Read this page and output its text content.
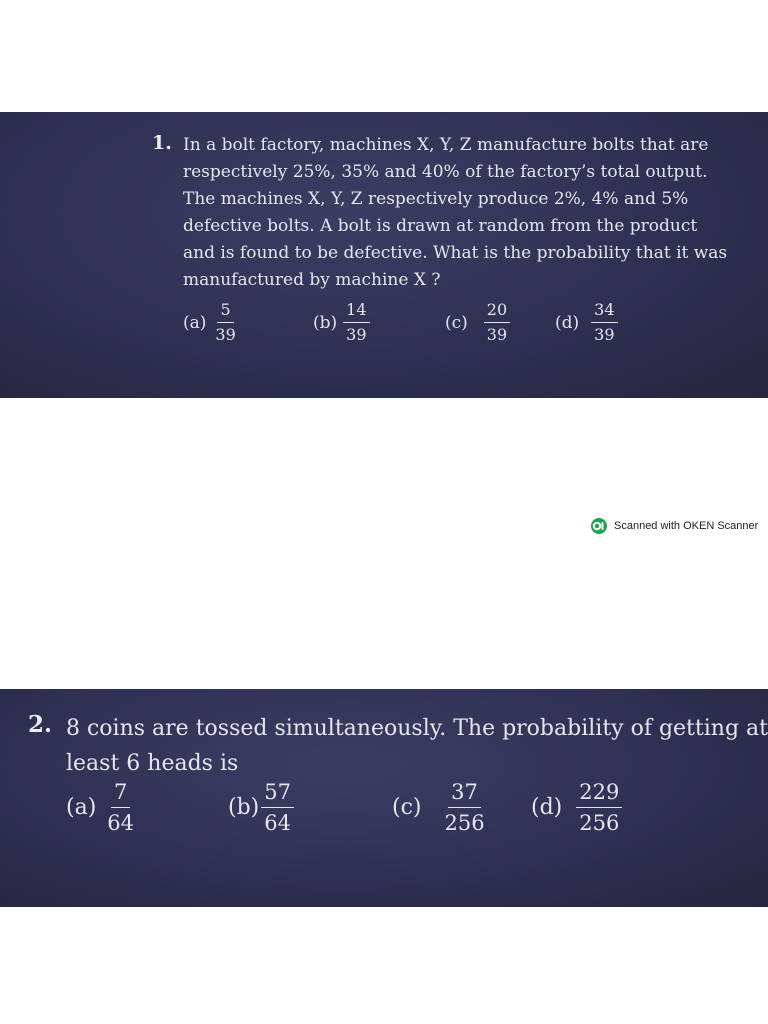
1. In a bolt factory, machines X, Y, Z manufacture bolts that are
respectively 25%, 35% and 40% of the factory’s total output.
The machines X, Y, Z respectively produce 2%, 4% and 5%
defective bolts. A bolt is drawn at random from the product
and is found to be defective. What is the probability that it was
manufactured by machine X ?
$(a) \frac{5}{39}$	$(b) \frac{14}{39}$	$(c) \frac{20}{39}$	$(d) \frac{34}{39}$
Scanned with OKEN Scanner
2. 8 coins are tossed simultaneously. The probability of getting at
least 6 heads is
$(a) \frac{7}{64}$	$(b) \frac{57}{64}$	$(c) \frac{37}{256} (d) \frac{229}{256}$
